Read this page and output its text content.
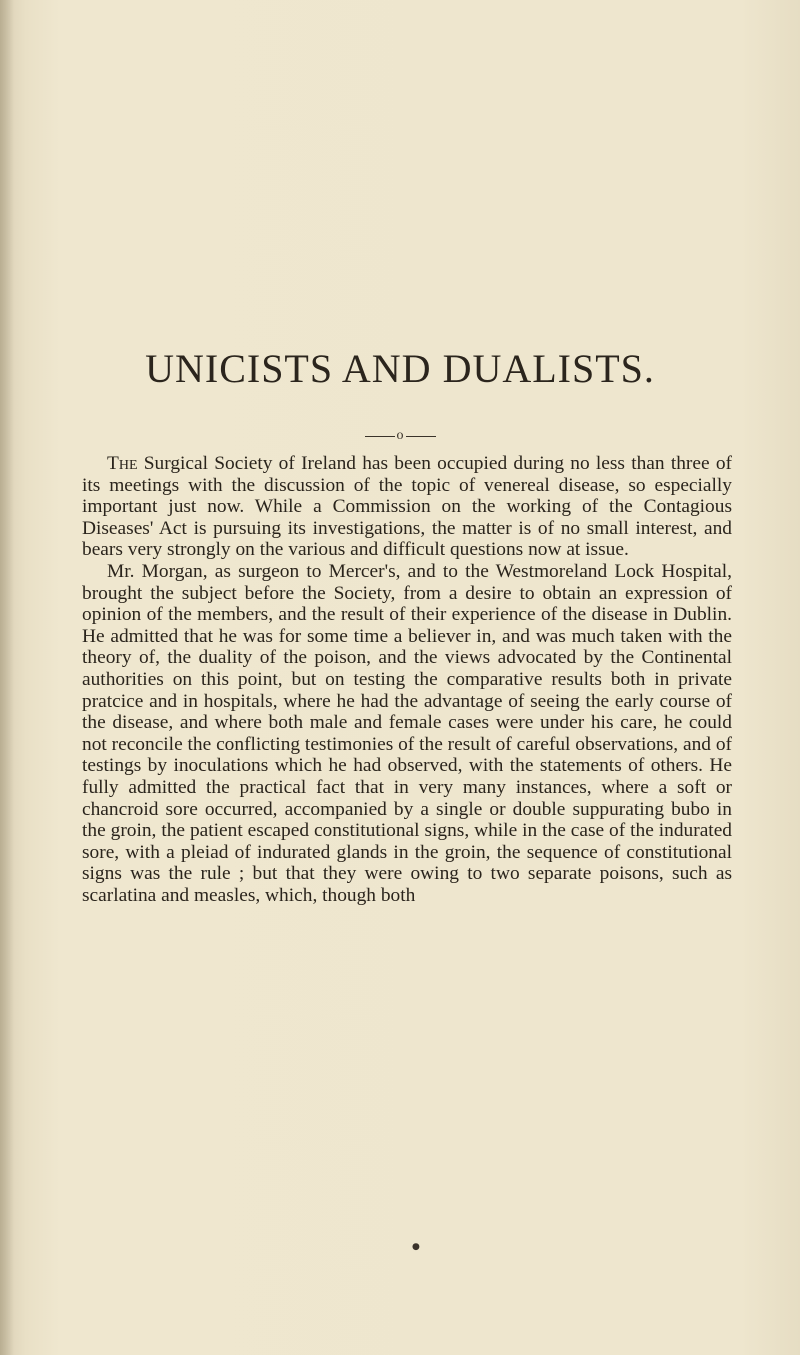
UNICISTS AND DUALISTS.
o

The Surgical Society of Ireland has been occupied during no less than three of its meetings with the discussion of the topic of venereal disease, so especially important just now. While a Commission on the working of the Contagious Diseases' Act is pursuing its investigations, the matter is of no small interest, and bears very strongly on the various and difficult questions now at issue.

Mr. Morgan, as surgeon to Mercer's, and to the Westmoreland Lock Hospital, brought the subject before the Society, from a desire to obtain an expression of opinion of the members, and the result of their experience of the disease in Dublin. He admitted that he was for some time a believer in, and was much taken with the theory of, the duality of the poison, and the views advocated by the Continental authorities on this point, but on testing the comparative results both in private pratcice and in hospitals, where he had the advantage of seeing the early course of the disease, and where both male and female cases were under his care, he could not reconcile the conflicting testimonies of the result of careful observations, and of testings by inoculations which he had observed, with the statements of others. He fully admitted the practical fact that in very many instances, where a soft or chancroid sore occurred, accompanied by a single or double suppurating bubo in the groin, the patient escaped constitutional signs, while in the case of the indurated sore, with a pleiad of indurated glands in the groin, the sequence of constitutional signs was the rule ; but that they were owing to two separate poisons, such as scarlatina and measles, which, though both

●
